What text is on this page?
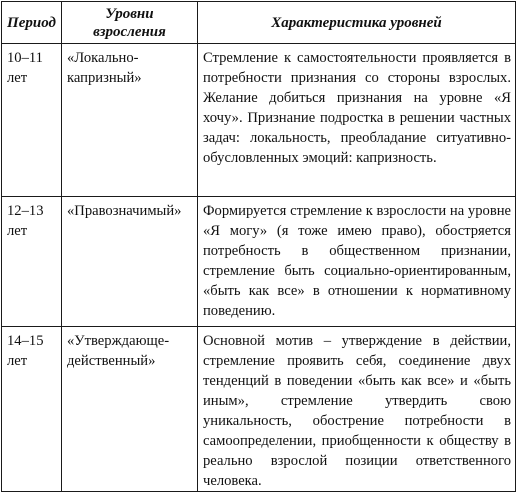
Период	Уровни взросления	Характеристика уровней

10–11 лет	«Локально-капризный»	Стремление к самостоятельности проявляется в потребности признания со стороны взрослых. Желание добиться признания на уровне «Я хочу». Признание подростка в решении частных задач: локальность, преобладание ситуативно-обусловленных эмоций: капризность.

12–13 лет	«Правозначимый»	Формируется стремление к взрослости на уровне «Я могу» (я тоже имею право), обостряется потребность в общественном признании, стремление быть социально-ориентированным, «быть как все» в отношении к нормативному поведению.

14–15 лет	«Утверждающе-действенный»	Основной мотив – утверждение в действии, стремление проявить себя, соединение двух тенденций в поведении «быть как все» и «быть иным», стремление утвердить свою уникальность, обострение потребности в самоопределении, приобщенности к обществу в реально взрослой позиции ответственного человека.
